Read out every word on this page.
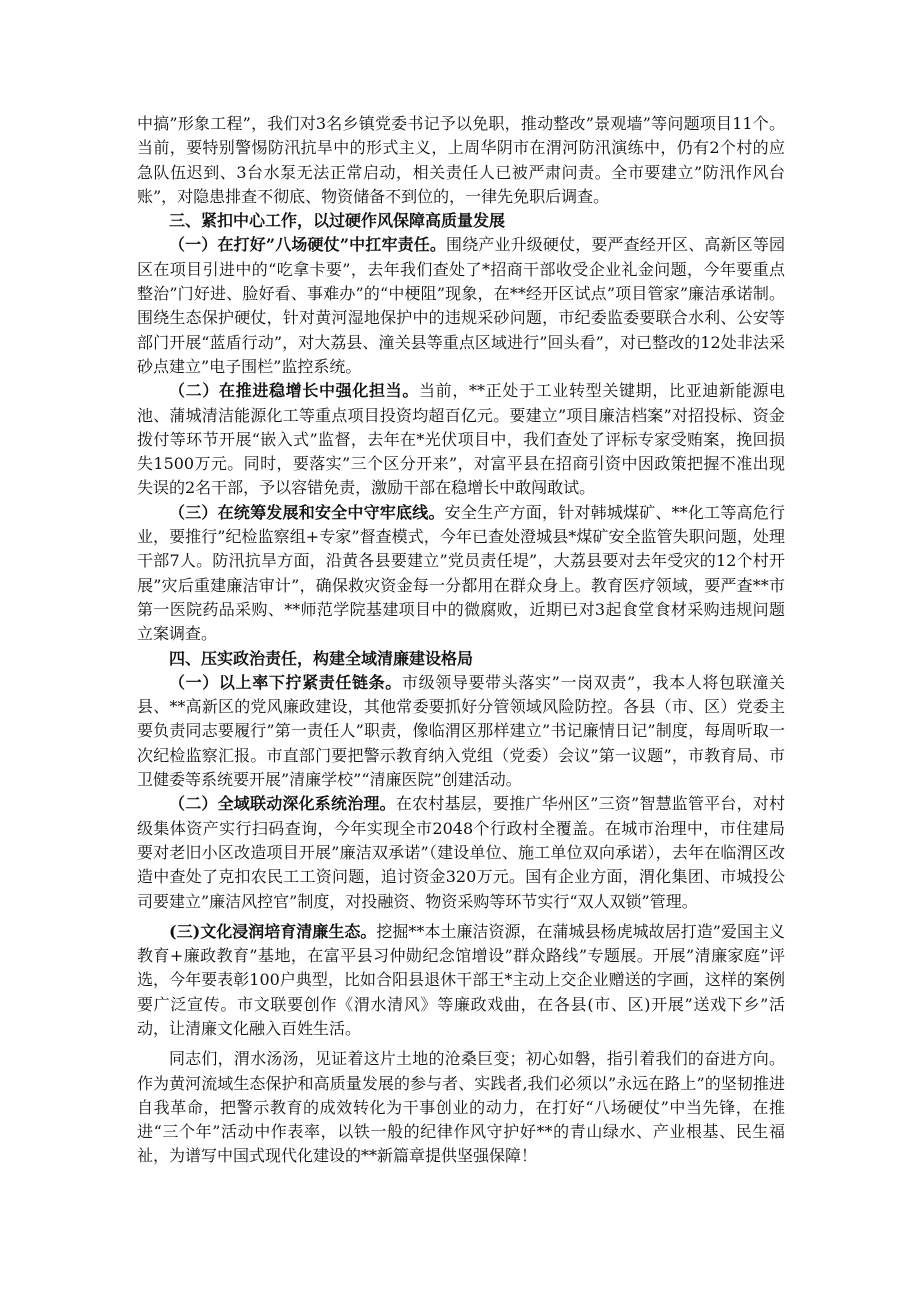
中搞”形象工程”，我们对3名乡镇党委书记予以免职，推动整改”景观墙”等问题项目11个。当前，要特别警惕防汛抗旱中的形式主义，上周华阴市在渭河防汛演练中，仍有2个村的应急队伍迟到、3台水泵无法正常启动，相关责任人已被严肃问责。全市要建立”防汛作风台账”，对隐患排查不彻底、物资储备不到位的，一律先免职后调查。

三、紧扣中心工作，以过硬作风保障高质量发展

（一）在打好”八场硬仗”中扛牢责任。围绕产业升级硬仗，要严查经开区、高新区等园区在项目引进中的“吃拿卡要”，去年我们查处了*招商干部收受企业礼金问题，今年要重点整治”门好进、脸好看、事难办”的“中梗阻”现象，在**经开区试点”项目管家”廉洁承诺制。围绕生态保护硬仗，针对黄河湿地保护中的违规采砂问题，市纪委监委要联合水利、公安等部门开展“蓝盾行动”，对大荔县、潼关县等重点区域进行”回头看”，对已整改的12处非法采砂点建立”电子围栏”监控系统。

（二）在推进稳增长中强化担当。当前，**正处于工业转型关键期，比亚迪新能源电池、蒲城清洁能源化工等重点项目投资均超百亿元。要建立”项目廉洁档案”对招投标、资金拨付等环节开展“嵌入式”监督，去年在*光伏项目中，我们查处了评标专家受贿案，挽回损失1500万元。同时，要落实”三个区分开来”，对富平县在招商引资中因政策把握不准出现失误的2名干部，予以容错免责，激励干部在稳增长中敢闯敢试。

（三）在统筹发展和安全中守牢底线。安全生产方面，针对韩城煤矿、**化工等高危行业，要推行”纪检监察组+专家”督查模式，今年已查处澄城县*煤矿安全监管失职问题，处理干部7人。防汛抗旱方面，沿黄各县要建立”党员责任堤”，大荔县要对去年受灾的12个村开展”灾后重建廉洁审计”，确保救灾资金每一分都用在群众身上。教育医疗领域，要严查**市第一医院药品采购、**师范学院基建项目中的微腐败，近期已对3起食堂食材采购违规问题立案调查。

四、压实政治责任，构建全域清廉建设格局

（一）以上率下拧紧责任链条。市级领导要带头落实”一岗双责”，我本人将包联潼关县、**高新区的党风廉政建设，其他常委要抓好分管领域风险防控。各县（市、区）党委主要负责同志要履行”第一责任人”职责，像临渭区那样建立”书记廉情日记”制度，每周听取一次纪检监察汇报。市直部门要把警示教育纳入党组（党委）会议”第一议题”，市教育局、市卫健委等系统要开展”清廉学校”“清廉医院”创建活动。

（二）全域联动深化系统治理。在农村基层，要推广华州区”三资”智慧监管平台，对村级集体资产实行扫码查询，今年实现全市2048个行政村全覆盖。在城市治理中，市住建局要对老旧小区改造项目开展”廉洁双承诺”（建设单位、施工单位双向承诺），去年在临渭区改造中查处了克扣农民工工资问题，追讨资金320万元。国有企业方面，渭化集团、市城投公司要建立”廉洁风控官”制度，对投融资、物资采购等环节实行“双人双锁”管理。

(三)文化浸润培育清廉生态。挖掘**本土廉洁资源，在蒲城县杨虎城故居打造”爱国主义教育+廉政教育”基地，在富平县习仲勋纪念馆增设”群众路线”专题展。开展”清廉家庭”评选，今年要表彰100户典型，比如合阳县退休干部王*主动上交企业赠送的字画，这样的案例要广泛宣传。市文联要创作《渭水清风》等廉政戏曲，在各县(市、区)开展”送戏下乡”活动，让清廉文化融入百姓生活。

同志们，渭水汤汤，见证着这片土地的沧桑巨变；初心如磐，指引着我们的奋进方向。作为黄河流域生态保护和高质量发展的参与者、实践者,我们必须以”永远在路上”的坚韧推进自我革命，把警示教育的成效转化为干事创业的动力，在打好“八场硬仗”中当先锋，在推进“三个年”活动中作表率，以铁一般的纪律作风守护好**的青山绿水、产业根基、民生福祉，为谱写中国式现代化建设的**新篇章提供坚强保障！
